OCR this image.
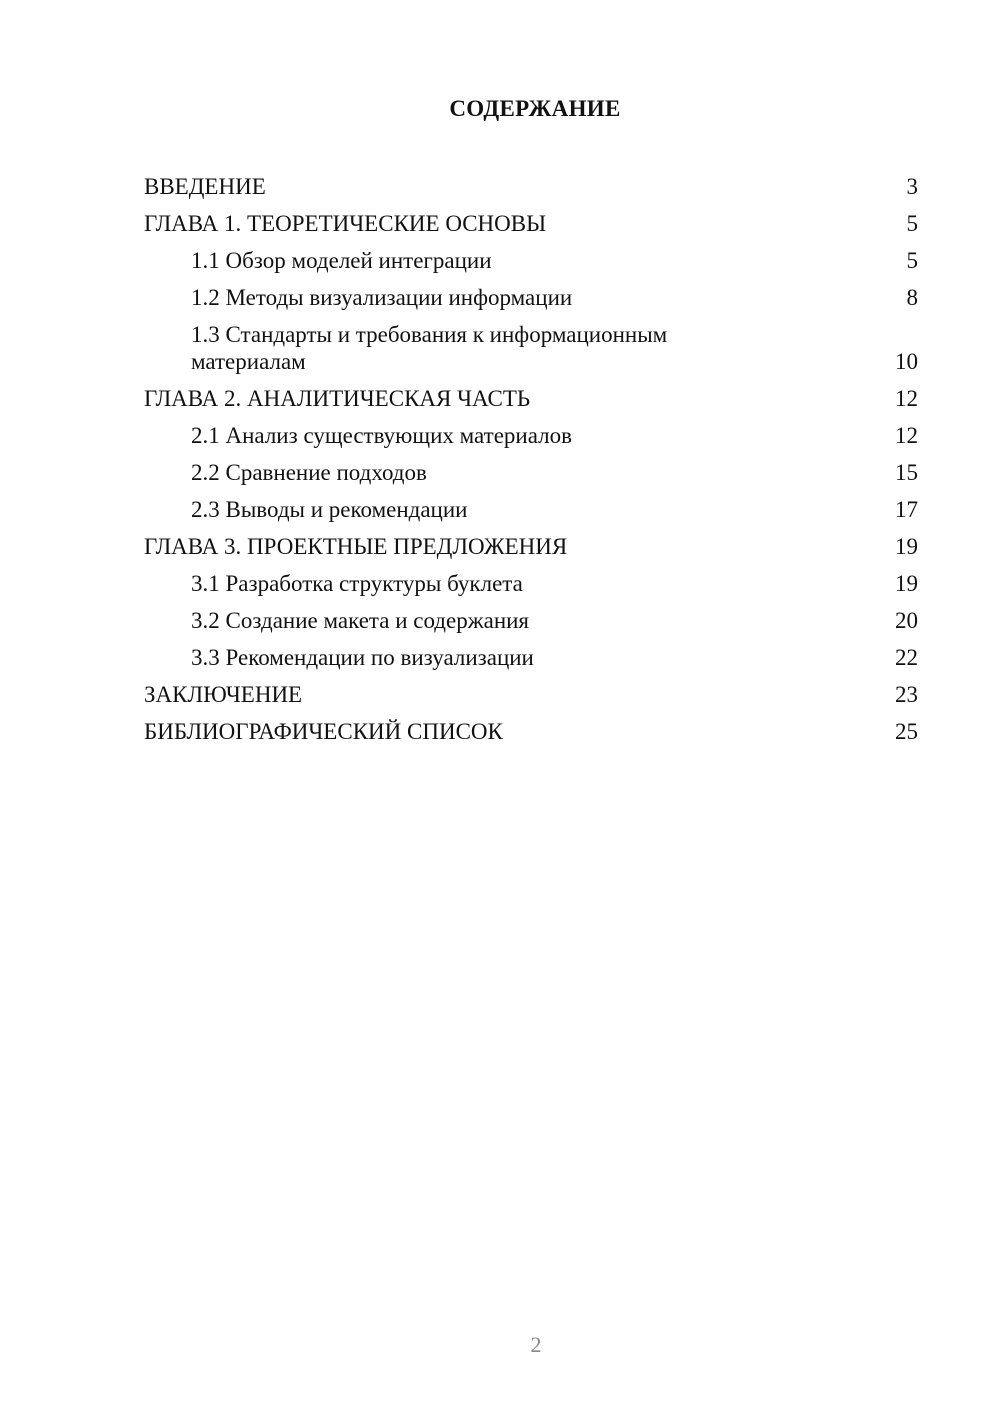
СОДЕРЖАНИЕ
ВВЕДЕНИЕ	3
ГЛАВА 1. ТЕОРЕТИЧЕСКИЕ ОСНОВЫ	5
1.1 Обзор моделей интеграции	5
1.2 Методы визуализации информации	8
1.3 Стандарты и требования к информационным материалам	10
ГЛАВА 2. АНАЛИТИЧЕСКАЯ ЧАСТЬ	12
2.1 Анализ существующих материалов	12
2.2 Сравнение подходов	15
2.3 Выводы и рекомендации	17
ГЛАВА 3. ПРОЕКТНЫЕ ПРЕДЛОЖЕНИЯ	19
3.1 Разработка структуры буклета	19
3.2 Создание макета и содержания	20
3.3 Рекомендации по визуализации	22
ЗАКЛЮЧЕНИЕ	23
БИБЛИОГРАФИЧЕСКИЙ СПИСОК	25
2
